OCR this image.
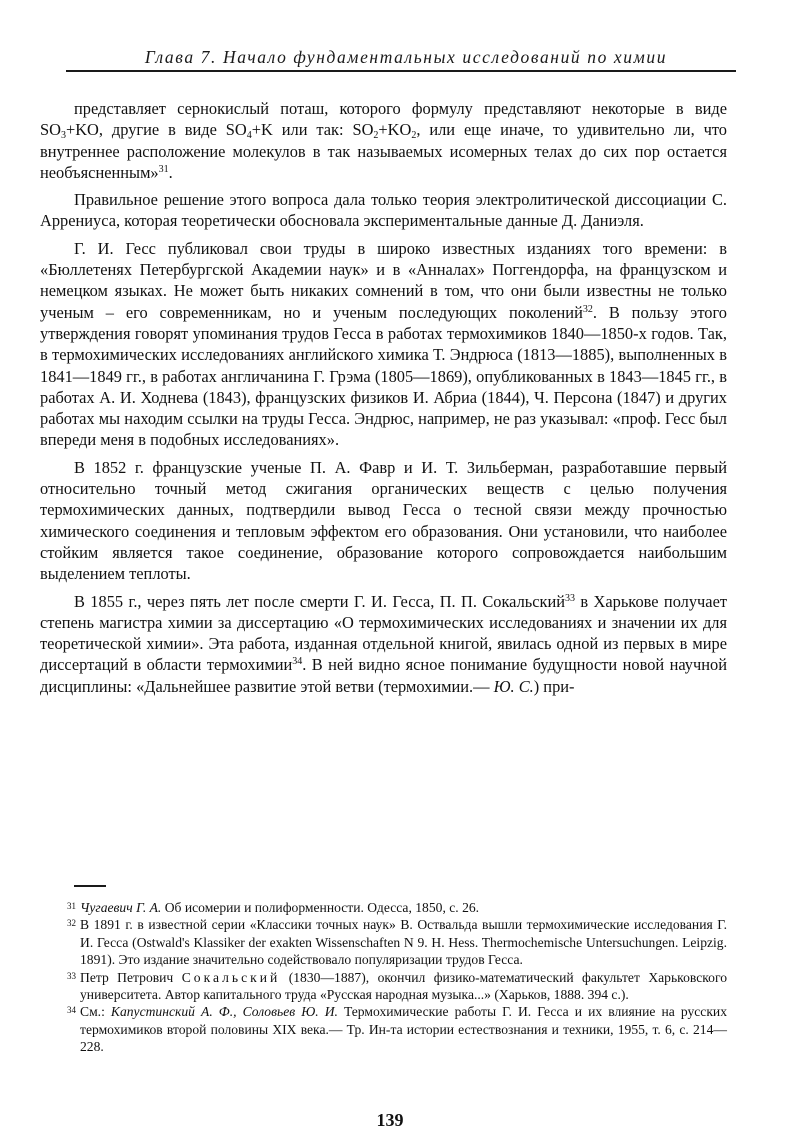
Глава 7. Начало фундаментальных исследований по химии

представляет сернокислый поташ, которого формулу представляют некоторые в виде $SO_3+KO$, другие в виде $SO_4+K$ или так: $SO_2+KO_2$, или еще иначе, то удивительно ли, что внутреннее расположение молекулов в так называемых исомерных телах до сих пор остается необъясненным»$^{31}$.

Правильное решение этого вопроса дала только теория электролитической диссоциации С. Аррениуса, которая теоретически обосновала экспериментальные данные Д. Даниэля.

Г. И. Гесс публиковал свои труды в широко известных изданиях того времени: в «Бюллетенях Петербургской Академии наук» и в «Анналах» Поггендорфа, на французском и немецком языках. Не может быть никаких сомнений в том, что они были известны не только ученым – его современникам, но и ученым последующих поколений$^{32}$. В пользу этого утверждения говорят упоминания трудов Гесса в работах термохимиков 1840—1850-х годов. Так, в термохимических исследованиях английского химика Т. Эндрюса (1813—1885), выполненных в 1841—1849 гг., в работах англичанина Г. Грэма (1805—1869), опубликованных в 1843—1845 гг., в работах А. И. Ходнева (1843), французских физиков И. Абриа (1844), Ч. Персона (1847) и других работах мы находим ссылки на труды Гесса. Эндрюс, например, не раз указывал: «проф. Гесс был впереди меня в подобных исследованиях».

В 1852 г. французские ученые П. А. Фавр и И. Т. Зильберман, разработавшие первый относительно точный метод сжигания органических веществ с целью получения термохимических данных, подтвердили вывод Гесса о тесной связи между прочностью химического соединения и тепловым эффектом его образования. Они установили, что наиболее стойким является такое соединение, образование которого сопровождается наибольшим выделением теплоты.

В 1855 г., через пять лет после смерти Г. И. Гесса, П. П. Сокальский$^{33}$ в Харькове получает степень магистра химии за диссертацию «О термохимических исследованиях и значении их для теоретической химии». Эта работа, изданная отдельной книгой, явилась одной из первых в мире диссертаций в области термохимии$^{34}$. В ней видно ясное понимание будущности новой научной дисциплины: «Дальнейшее развитие этой ветви (термохимии.— Ю. С.) при-

31 Чугаевич Г. А. Об исомерии и полиформенности. Одесса, 1850, с. 26.
32 В 1891 г. в известной серии «Классики точных наук» В. Оствальда вышли термохимические исследования Г. И. Гесса (Ostwald's Klassiker der exakten Wissenschaften N 9. H. Hess. Thermochemische Untersuchungen. Leipzig. 1891). Это издание значительно содействовало популяризации трудов Гесса.
33 Петр Петрович Сокальский (1830—1887), окончил физико-математический факультет Харьковского университета. Автор капитального труда «Русская народная музыка...» (Харьков, 1888. 394 с.).
34 См.: Капустинский А. Ф., Соловьев Ю. И. Термохимические работы Г. И. Гесса и их влияние на русских термохимиков второй половины XIX века.— Тр. Ин-та истории естествознания и техники, 1955, т. 6, с. 214—228.
139
